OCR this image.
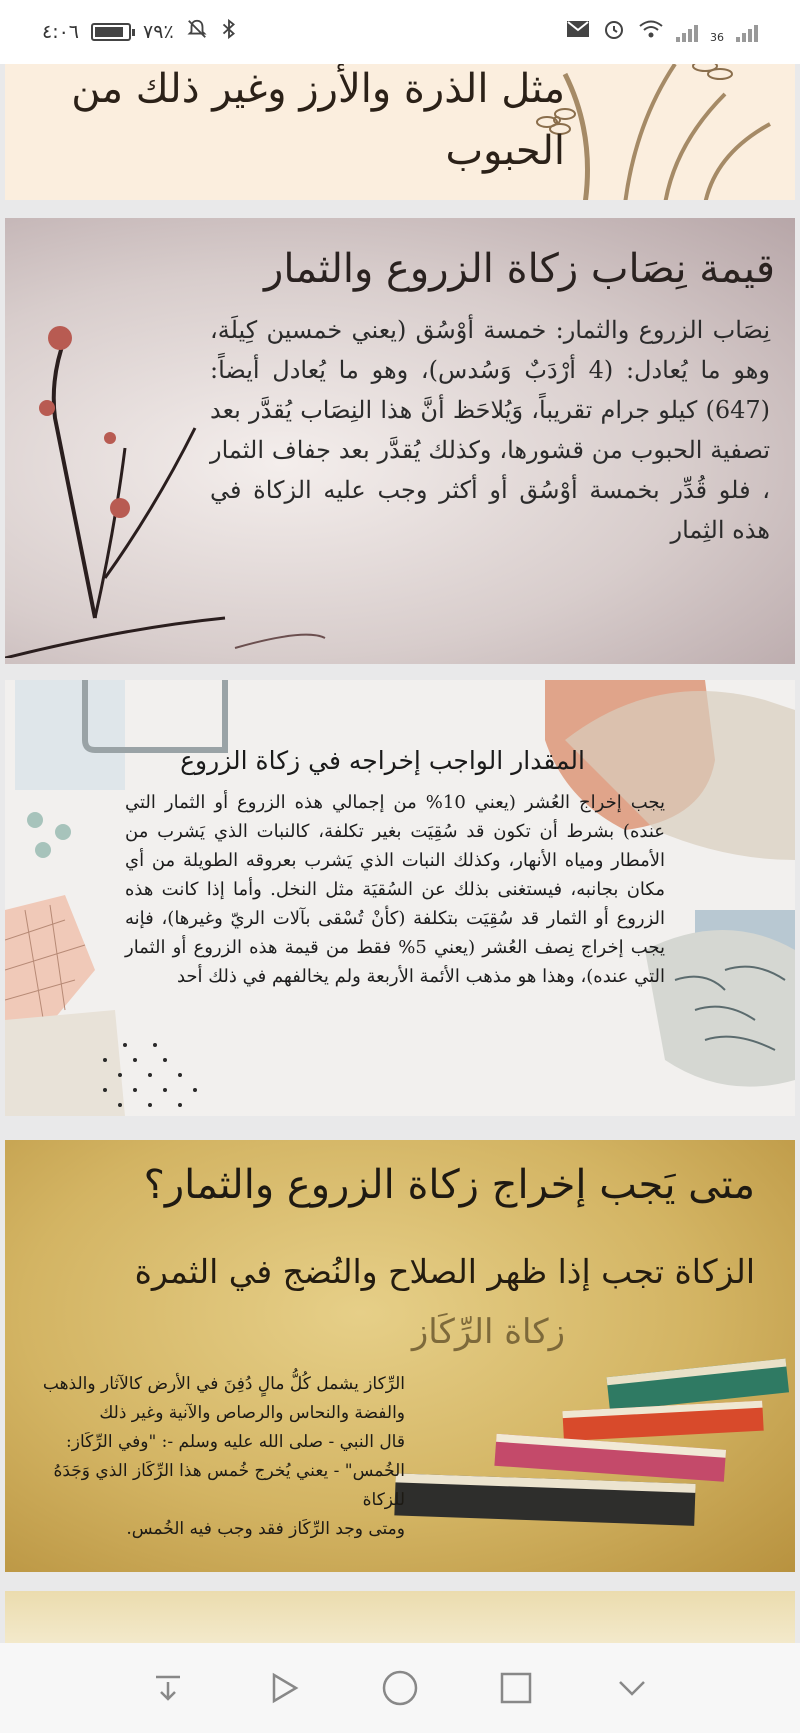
٤:٠٦	٧٩٪	36
مثل الذرة والأرز وغير ذلك من الحبوب
قيمة نِصَاب زكاة الزروع والثمار
نِصَاب الزروع والثمار: خمسة أوْسُق (يعني خمسين كِيلَة، وهو ما يُعادل: (4 أرْدَبٌ وَسُدس)، وهو ما يُعادل أيضاً: (647) كيلو جرام تقريباً، وَيُلاحَظ أنَّ هذا النِصَاب يُقدَّر بعد تصفية الحبوب من قشورها، وكذلك يُقدَّر بعد جفاف الثمار ، فلو قُدِّر بخمسة أوْسُق أو أكثر وجب عليه الزكاة في هذه الثِمار
المقدار الواجب إخراجه في زكاة الزروع
يجب إخراج العُشر (يعني 10% من إجمالي هذه الزروع أو الثمار التي عنده) بشرط أن تكون قد سُقِيَت بغير تكلفة، كالنبات الذي يَشرب من الأمطار ومياه الأنهار، وكذلك النبات الذي يَشرب بعروقه الطويلة من أي مكان بجانبه، فيستغنى بذلك عن السُقيَة مثل النخل. وأما إذا كانت هذه الزروع أو الثمار قد سُقِيَت بتكلفة (كأنْ تُسْقى بآلات الريّ وغيرها)، فإنه يجب إخراج نِصف العُشر (يعني 5% فقط من قيمة هذه الزروع أو الثمار التي عنده)، وهذا هو مذهب الأئمة الأربعة ولم يخالفهم في ذلك أحد
متى يَجب إخراج زكاة الزروع والثمار؟
الزكاة تجب إذا ظهر الصلاح والنُضج في الثمرة
زكاة الرِّكَاز

الرِّكاز يشمل كُلُّ مالٍ دُفِنَ في الأرض كالآثار والذهب والفضة والنحاس والرصاص والآنية وغير ذلك

قال النبي - صلى الله عليه وسلم -: "وفي الرِّكَاز: الخُمس" - يعني يُخرج خُمس هذا الرِّكَاز الذي وَجَدَهُ للزكاة

ومتى وجد الرِّكَاز فقد وجب فيه الخُمس.
